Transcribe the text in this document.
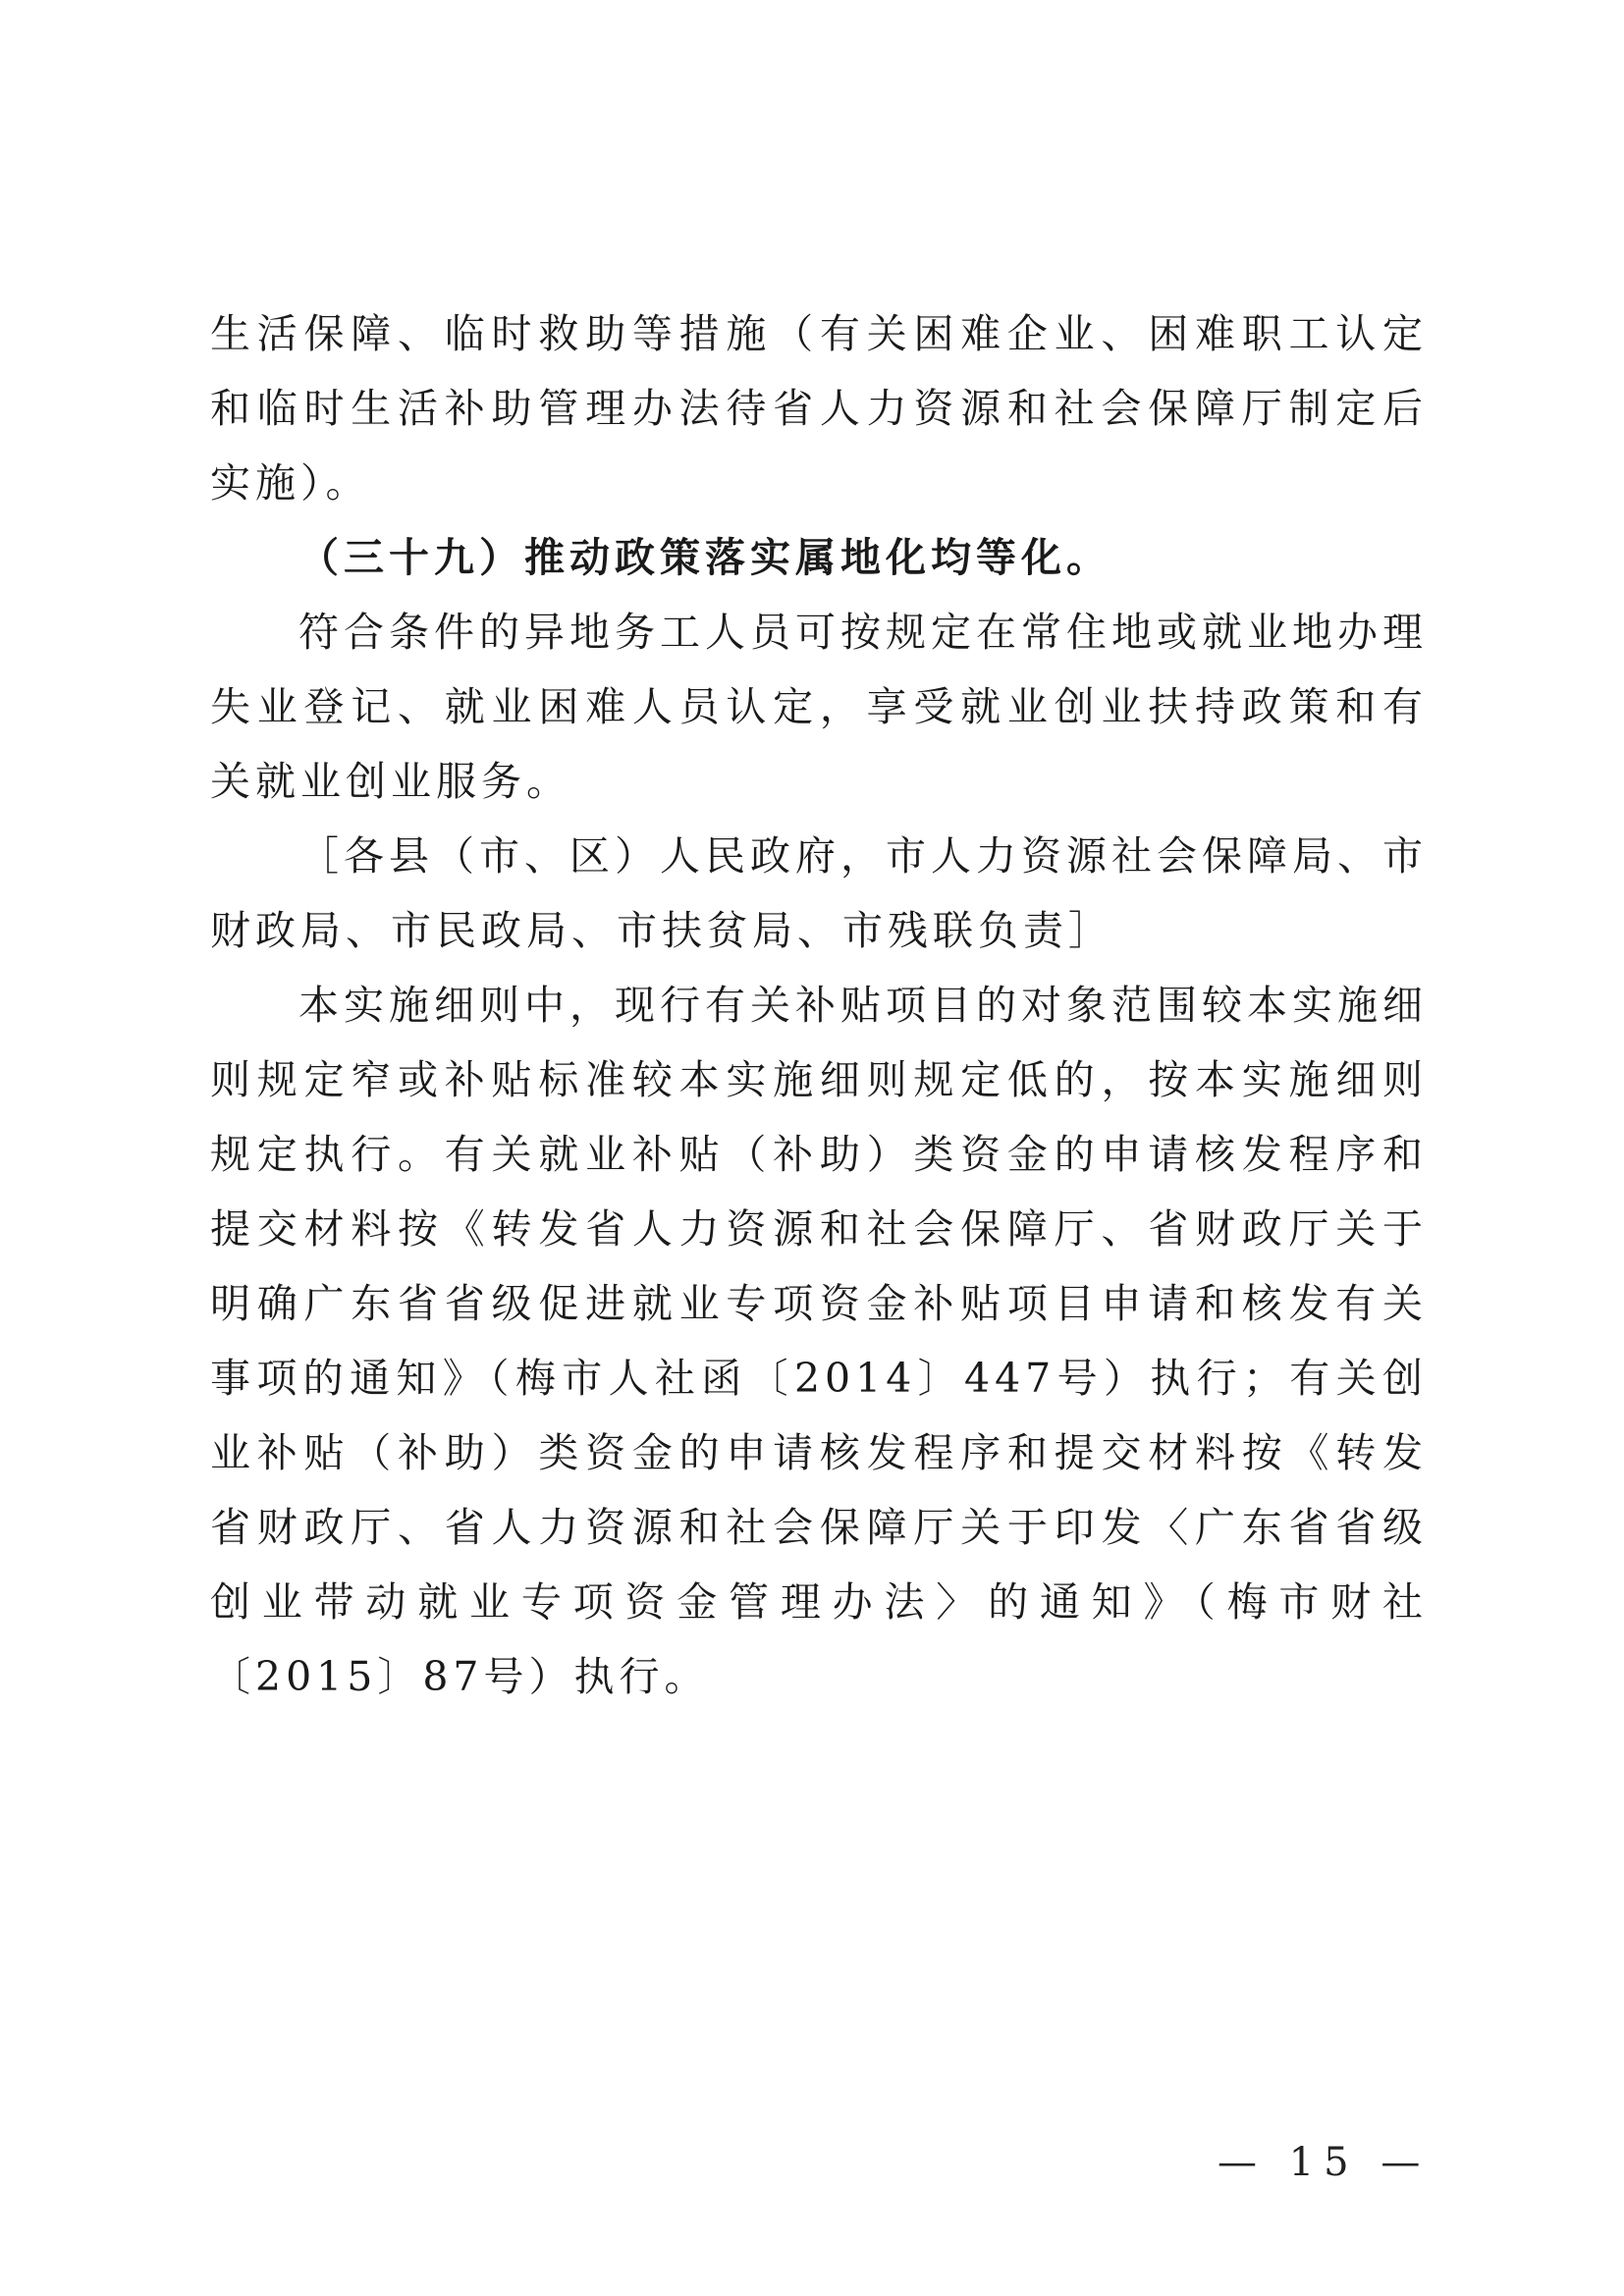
生活保障、临时救助等措施（有关困难企业、困难职工认定和临时生活补助管理办法待省人力资源和社会保障厅制定后实施）。

（三十九）推动政策落实属地化均等化。

符合条件的异地务工人员可按规定在常住地或就业地办理失业登记、就业困难人员认定，享受就业创业扶持政策和有关就业创业服务。

［各县（市、区）人民政府，市人力资源社会保障局、市财政局、市民政局、市扶贫局、市残联负责］

本实施细则中，现行有关补贴项目的对象范围较本实施细则规定窄或补贴标准较本实施细则规定低的，按本实施细则规定执行。有关就业补贴（补助）类资金的申请核发程序和提交材料按《转发省人力资源和社会保障厅、省财政厅关于明确广东省省级促进就业专项资金补贴项目申请和核发有关事项的通知》（梅市人社函〔2014〕447号）执行；有关创业补贴（补助）类资金的申请核发程序和提交材料按《转发省财政厅、省人力资源和社会保障厅关于印发〈广东省省级创业带动就业专项资金管理办法〉的通知》（梅市财社〔2015〕87号）执行。

— 15 —
